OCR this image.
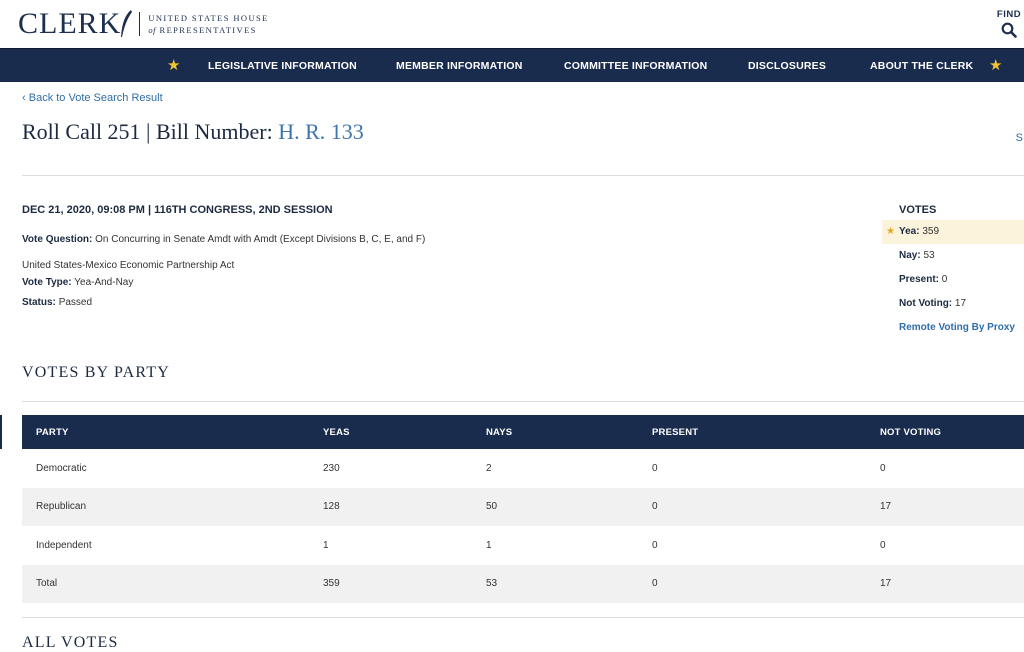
CLERK	UNITED STATES HOUSE
of REPRESENTATIVES
FIND
★	LEGISLATIVE INFORMATION	MEMBER INFORMATION	COMMITTEE INFORMATION	DISCLOSURES	ABOUT THE CLERK ★
‹ Back to Vote Search Result
Roll Call 251 | Bill Number: H. R. 133	S
DEC 21, 2020, 09:08 PM | 116TH CONGRESS, 2ND SESSION
Vote Question: On Concurring in Senate Amdt with Amdt (Except Divisions B, C, E, and F)
United States-Mexico Economic Partnership Act
Vote Type: Yea-And-Nay
Status: Passed
VOTES
★ Yea: 359
Nay: 53
Present: 0
Not Voting: 17
Remote Voting By Proxy
VOTES BY PARTY
PARTY	YEAS	NAYS	PRESENT	NOT VOTING
Democratic	230	2	0	0
Republican	128	50	0	17
Independent	1	1	0	0
Total	359	53	0	17
ALL VOTES
